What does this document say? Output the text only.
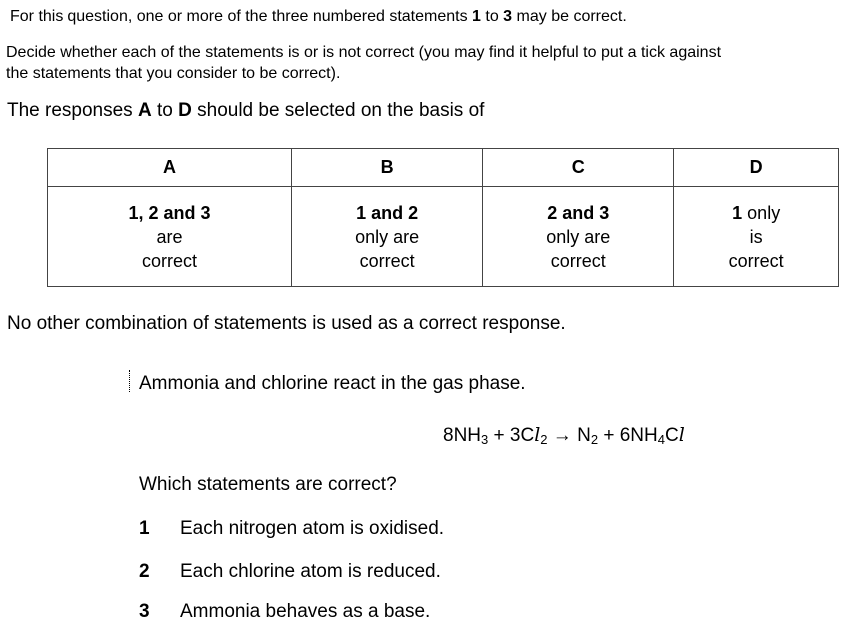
For this question, one or more of the three numbered statements 1 to 3 may be correct.
Decide whether each of the statements is or is not correct (you may find it helpful to put a tick against
the statements that you consider to be correct).
The responses A to D should be selected on the basis of
A	B	C	D
1, 2 and 3
are
correct	1 and 2
only are
correct	2 and 3
only are
correct	1 only
is
correct
No other combination of statements is used as a correct response.
Ammonia and chlorine react in the gas phase.
$8NH_3 + 3Cl_2 \to N_2 + 6NH_4Cl$
Which statements are correct?
1 Each nitrogen atom is oxidised.
2 Each chlorine atom is reduced.
3 Ammonia behaves as a base.
